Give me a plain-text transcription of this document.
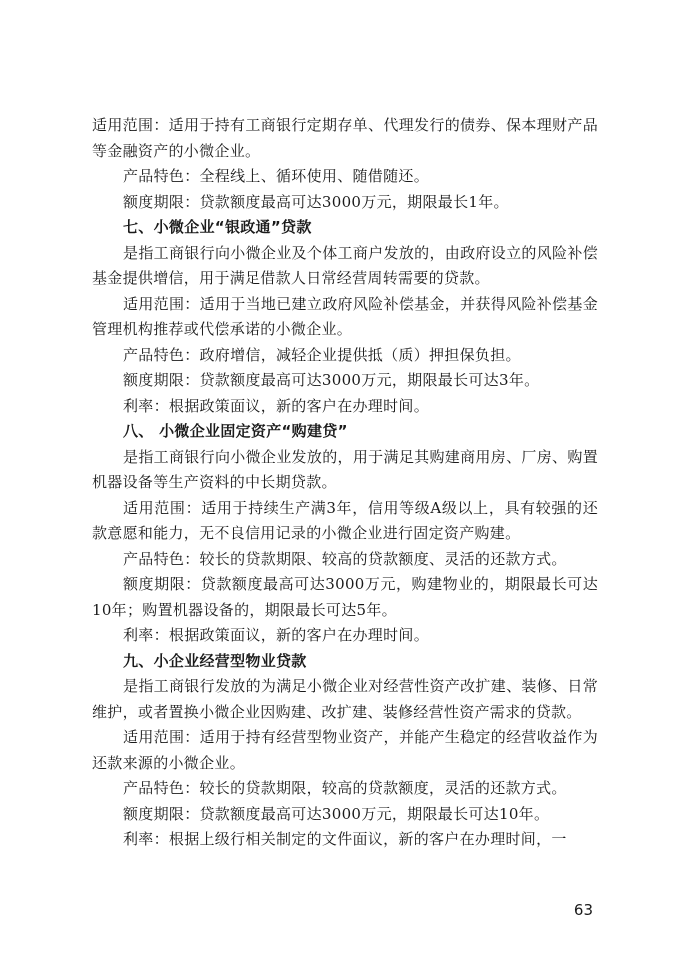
适用范围：适用于持有工商银行定期存单、代理发行的债券、保本理财产品等金融资产的小微企业。

产品特色：全程线上、循环使用、随借随还。

额度期限：贷款额度最高可达3000万元，期限最长1年。

七、小微企业“银政通”贷款

是指工商银行向小微企业及个体工商户发放的，由政府设立的风险补偿基金提供增信，用于满足借款人日常经营周转需要的贷款。

适用范围：适用于当地已建立政府风险补偿基金，并获得风险补偿基金管理机构推荐或代偿承诺的小微企业。

产品特色：政府增信，减轻企业提供抵（质）押担保负担。

额度期限：贷款额度最高可达3000万元，期限最长可达3年。

利率：根据政策面议，新的客户在办理时间。

八、 小微企业固定资产“购建贷”

是指工商银行向小微企业发放的，用于满足其购建商用房、厂房、购置机器设备等生产资料的中长期贷款。

适用范围：适用于持续生产满3年，信用等级A级以上，具有较强的还款意愿和能力，无不良信用记录的小微企业进行固定资产购建。

产品特色：较长的贷款期限、较高的贷款额度、灵活的还款方式。

额度期限：贷款额度最高可达3000万元，购建物业的，期限最长可达10年；购置机器设备的，期限最长可达5年。

利率：根据政策面议，新的客户在办理时间。

九、小企业经营型物业贷款

是指工商银行发放的为满足小微企业对经营性资产改扩建、装修、日常维护，或者置换小微企业因购建、改扩建、装修经营性资产需求的贷款。

适用范围：适用于持有经营型物业资产，并能产生稳定的经营收益作为还款来源的小微企业。

产品特色：较长的贷款期限，较高的贷款额度，灵活的还款方式。

额度期限：贷款额度最高可达3000万元，期限最长可达10年。

利率：根据上级行相关制定的文件面议，新的客户在办理时间，一

63
